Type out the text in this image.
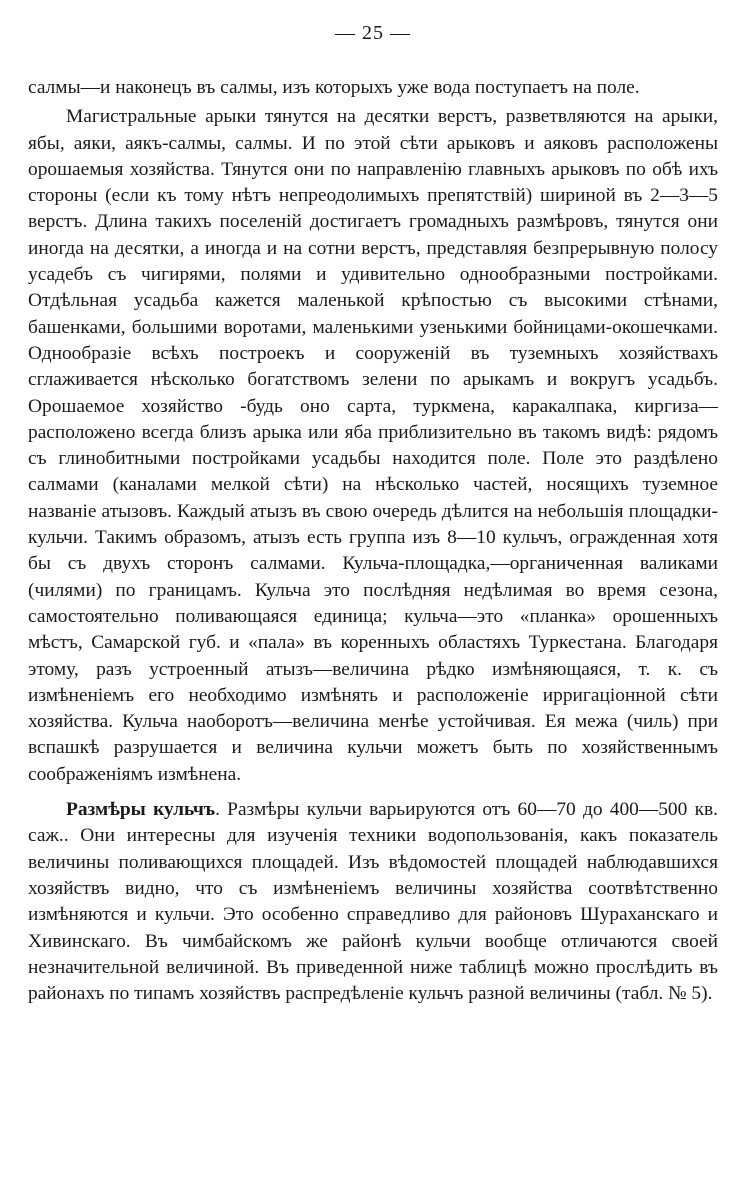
— 25 —

салмы—и наконецъ въ салмы, изъ которыхъ уже вода поступаетъ на поле.

Магистральные арыки тянутся на десятки верстъ, разветвляются на арыки, ябы, аяки, аякъ-салмы, салмы. И по этой сѣти арыковъ и аяковъ расположены орошаемыя хозяйства. Тянутся они по направленію главныхъ арыковъ по обѣ ихъ стороны (если къ тому нѣтъ непреодолимыхъ препятствій) шириной въ 2—3—5 верстъ. Длина такихъ поселеній достигаетъ громадныхъ размѣровъ, тянутся они иногда на десятки, а иногда и на сотни верстъ, представляя безпрерывную полосу усадебъ съ чигирями, полями и удивительно однообразными постройками. Отдѣльная усадьба кажется маленькой крѣпостью съ высокими стѣнами, башенками, большими воротами, маленькими узенькими бойницами-окошечками. Однообразіе всѣхъ построекъ и сооруженій въ туземныхъ хозяйствахъ сглаживается нѣсколько богатствомъ зелени по арыкамъ и вокругъ усадьбъ. Орошаемое хозяйство -будь оно сарта, туркмена, каракалпака, киргиза—расположено всегда близъ арыка или яба приблизительно въ такомъ видѣ: рядомъ съ глинобитными постройками усадьбы находится поле. Поле это раздѣлено салмами (каналами мелкой сѣти) на нѣсколько частей, носящихъ туземное названіе атызовъ. Каждый атызъ въ свою очередь дѣлится на небольшія площадки-кульчи. Такимъ образомъ, атызъ есть группа изъ 8—10 кульчъ, огражденная хотя бы съ двухъ сторонъ салмами. Кульча-площадка,—органиченная валиками (чилями) по границамъ. Кульча это послѣдняя недѣлимая во время сезона, самостоятельно поливающаяся единица; кульча—это «планка» орошенныхъ мѣстъ, Самарской губ. и «пала» въ коренныхъ областяхъ Туркестана. Благодаря этому, разъ устроенный атызъ—величина рѣдко измѣняющаяся, т. к. съ измѣненіемъ его необходимо измѣнять и расположеніе ирригаціонной сѣти хозяйства. Кульча наоборотъ—величина менѣе устойчивая. Ея межа (чиль) при вспашкѣ разрушается и величина кульчи можетъ быть по хозяйственнымъ соображеніямъ измѣнена.

Размѣры кульчъ. Размѣры кульчи варьируются отъ 60—70 до 400—500 кв. саж.. Они интересны для изученія техники водопользованія, какъ показатель величины поливающихся площадей. Изъ вѣдомостей площадей наблюдавшихся хозяйствъ видно, что съ измѣненіемъ величины хозяйства соотвѣтственно измѣняются и кульчи. Это особенно справедливо для районовъ Шураханскаго и Хивинскаго. Въ чимбайскомъ же районѣ кульчи вообще отличаются своей незначительной величиной. Въ приведенной ниже таблицѣ можно прослѣдить въ районахъ по типамъ хозяйствъ распредѣленіе кульчъ разной величины (табл. № 5).
